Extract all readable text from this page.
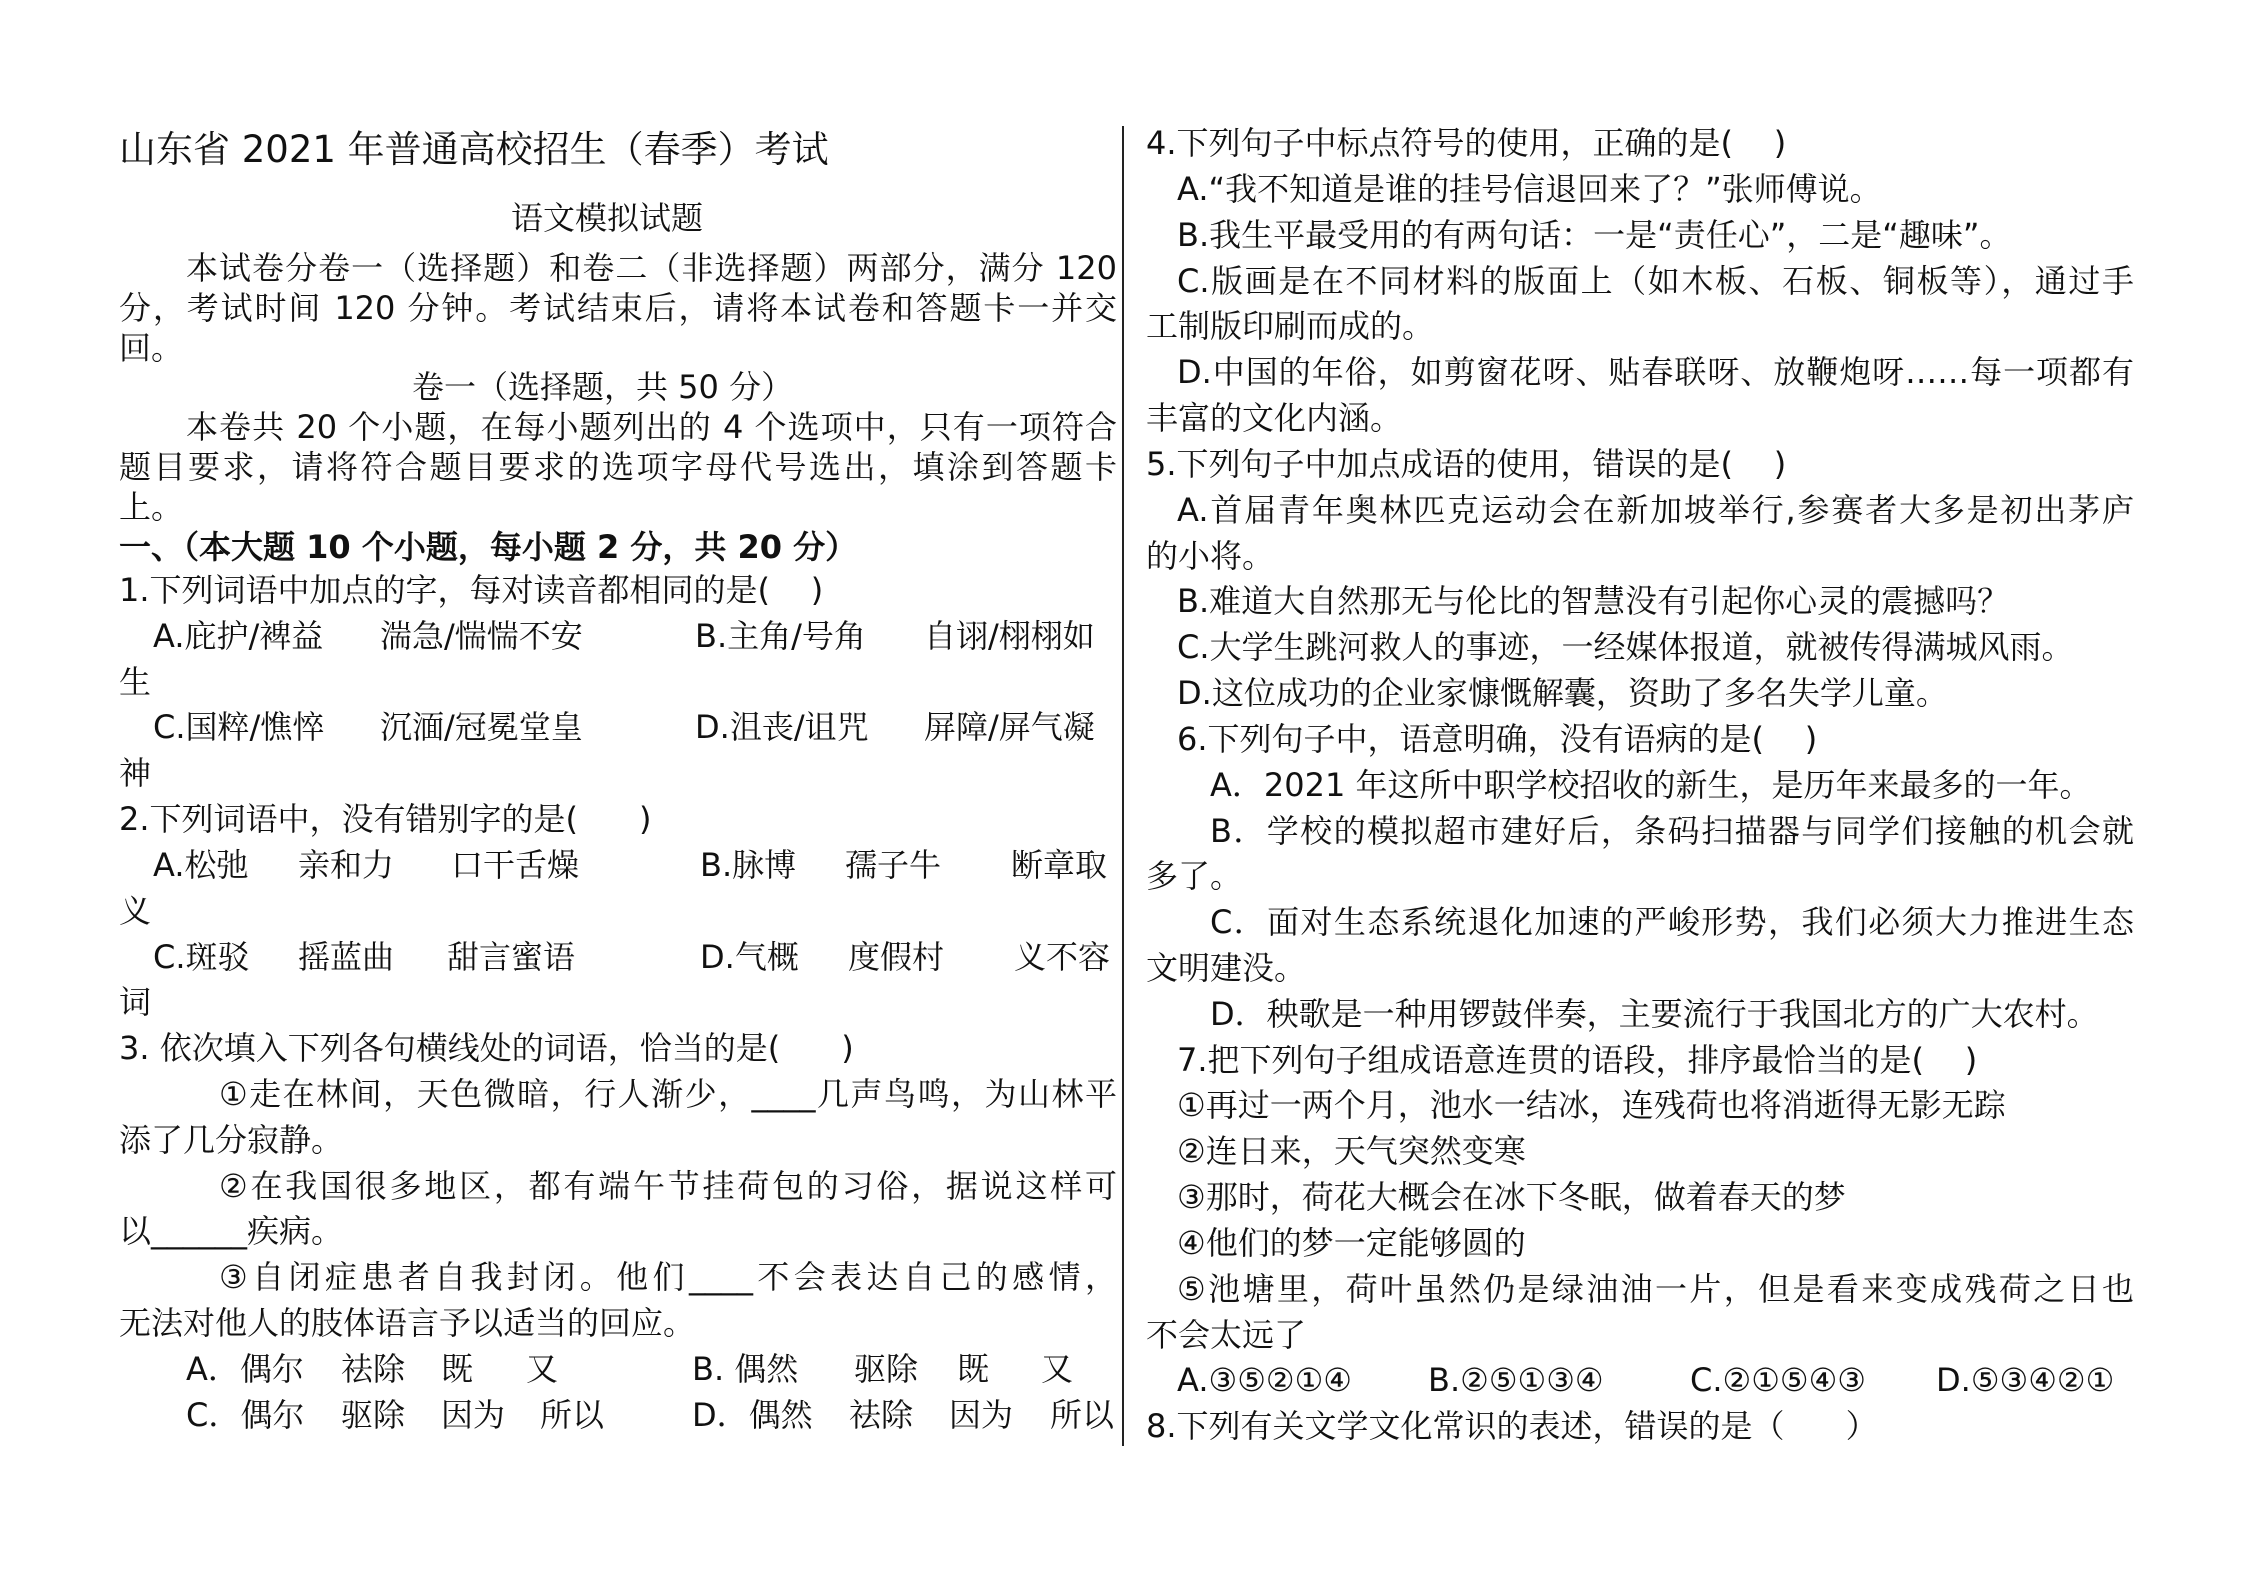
山东省 2021 年普通高校招生（春季）考试
语文模拟试题
本试卷分卷一（选择题）和卷二（非选择题）两部分，满分 120
分，考试时间 120 分钟。考试结束后，请将本试卷和答题卡一并交
回。
卷一（选择题，共 50 分）
本卷共 20 个小题，在每小题列出的 4 个选项中，只有一项符合
题目要求，请将符合题目要求的选项字母代号选出，填涂到答题卡
上。
一、（本大题 10 个小题，每小题 2 分，共 20 分）
1.下列词语中加点的字，每对读音都相同的是(    )
A.庇护/裨益 湍急/惴惴不安	B.主角/号角 自诩/栩栩如
生
C.国粹/憔悴 沉湎/冠冕堂皇	D.沮丧/诅咒 屏障/屏气凝
神
2.下列词语中，没有错别字的是(      )
A.松弛 亲和力 口干舌燥	B.脉博 孺子牛 断章取
义
C.斑驳 摇蓝曲 甜言蜜语	D.气概 度假村 义不容
词
3. 依次填入下列各句横线处的词语，恰当的是(      )
①走在林间，天色微暗，行人渐少，____几声鸟鸣，为山林平
添了几分寂静。
②在我国很多地区，都有端午节挂荷包的习俗，据说这样可
以______疾病。
③自闭症患者自我封闭。他们____不会表达自己的感情，
无法对他人的肢体语言予以适当的回应。
A．偶尔 祛除 既 又	B. 偶然 驱除 既 又
C．偶尔 驱除 因为 所以	D．偶然 祛除 因为 所以
4.下列句子中标点符号的使用，正确的是(    )
A.“我不知道是谁的挂号信退回来了？”张师傅说。
B.我生平最受用的有两句话：一是“责任心”，二是“趣味”。
C.版画是在不同材料的版面上（如木板、石板、铜板等），通过手
工制版印刷而成的。
D.中国的年俗，如剪窗花呀、贴春联呀、放鞭炮呀……每一项都有
丰富的文化内涵。
5.下列句子中加点成语的使用，错误的是(    )
A.首届青年奥林匹克运动会在新加坡举行,参赛者大多是初出茅庐
的小将。
B.难道大自然那无与伦比的智慧没有引起你心灵的震撼吗？
C.大学生跳河救人的事迹，一经媒体报道，就被传得满城风雨。
D.这位成功的企业家慷慨解囊，资助了多名失学儿童。
6.下列句子中，语意明确，没有语病的是(    )
A．2021 年这所中职学校招收的新生，是历年来最多的一年。
B．学校的模拟超市建好后，条码扫描器与同学们接触的机会就
多了。
C．面对生态系统退化加速的严峻形势，我们必须大力推进生态
文明建没。
D．秧歌是一种用锣鼓伴奏，主要流行于我国北方的广大农村。
7.把下列句子组成语意连贯的语段，排序最恰当的是(    )
①再过一两个月，池水一结冰，连残荷也将消逝得无影无踪
②连日来，天气突然变寒
③那时，荷花大概会在冰下冬眠，做着春天的梦
④他们的梦一定能够圆的
⑤池塘里，荷叶虽然仍是绿油油一片，但是看来变成残荷之日也
不会太远了
A.③⑤②①④ B.②⑤①③④	C.②①⑤④③ D.⑤③④②①
8.下列有关文学文化常识的表述，错误的是（      ）
